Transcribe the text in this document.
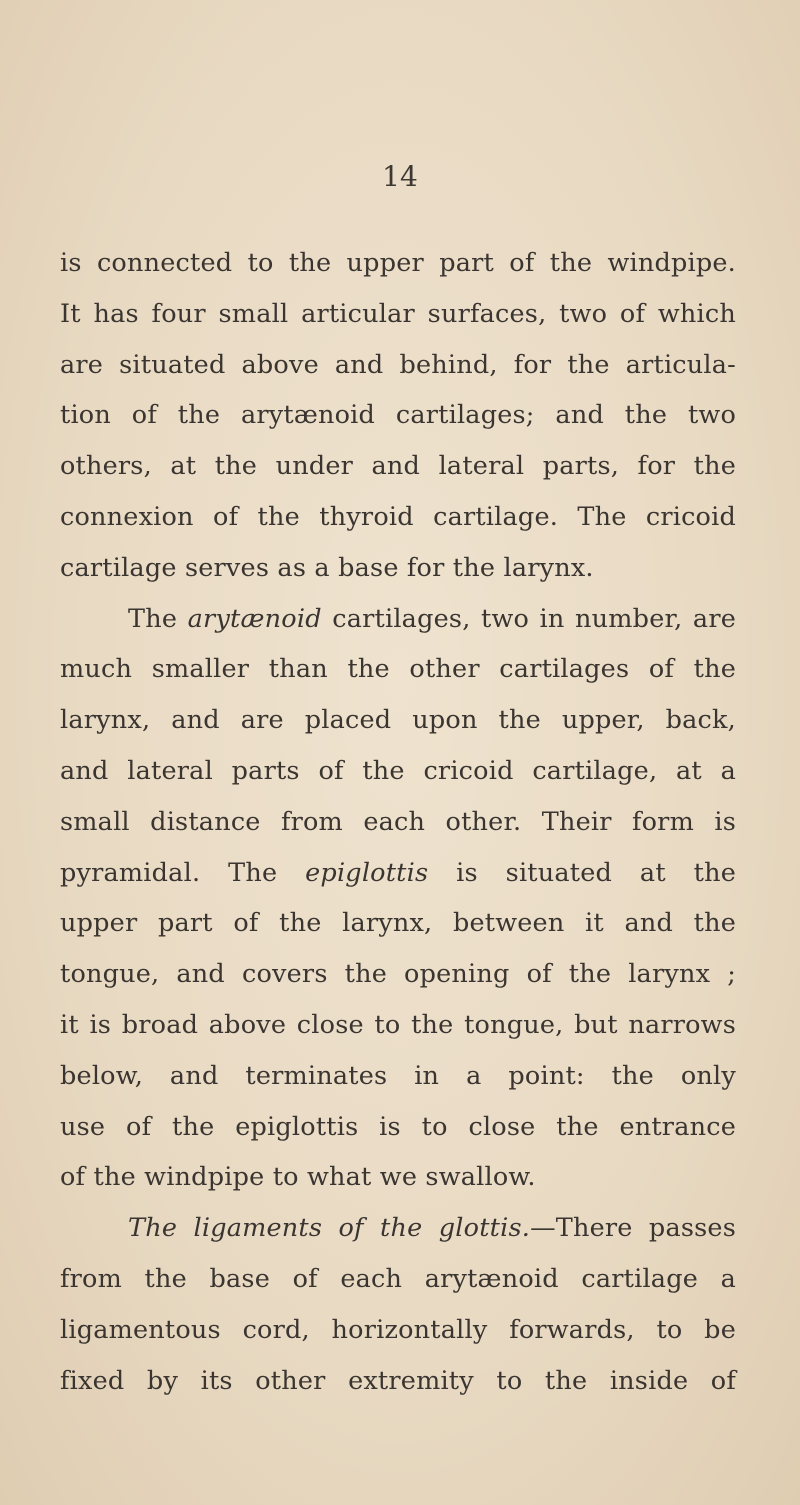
14
is connected to the upper part of the windpipe.
It has four small articular surfaces, two of which
are situated above and behind, for the articula-
tion of the arytænoid cartilages; and the two
others, at the under and lateral parts, for the
connexion of the thyroid cartilage. The cricoid
cartilage serves as a base for the larynx.
The arytænoid cartilages, two in number, are
much smaller than the other cartilages of the
larynx, and are placed upon the upper, back,
and lateral parts of the cricoid cartilage, at a
small distance from each other. Their form is
pyramidal. The epiglottis is situated at the
upper part of the larynx, between it and the
tongue, and covers the opening of the larynx ;
it is broad above close to the tongue, but narrows
below, and terminates in a point: the only
use of the epiglottis is to close the entrance
of the windpipe to what we swallow.
The ligaments of the glottis.—There passes
from the base of each arytænoid cartilage a
ligamentous cord, horizontally forwards, to be
fixed by its other extremity to the inside of
